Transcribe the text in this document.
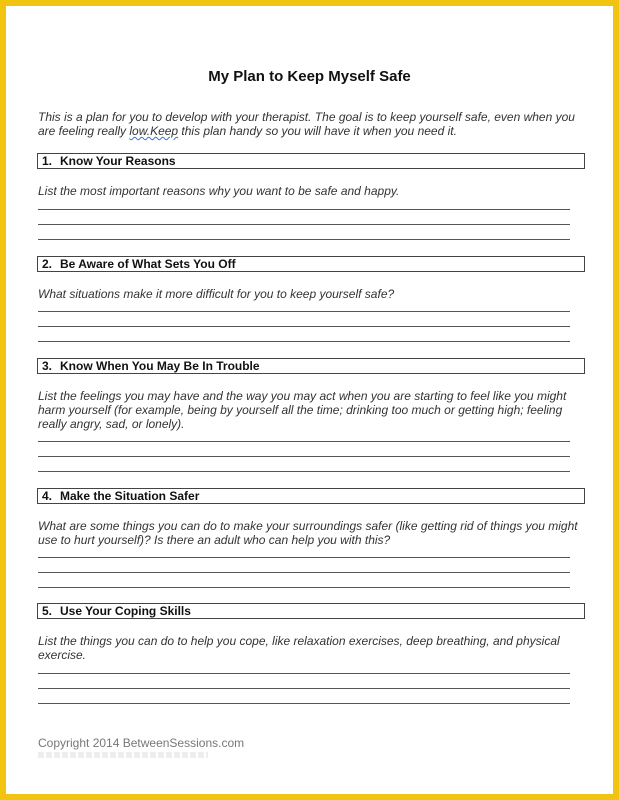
My Plan to Keep Myself Safe
This is a plan for you to develop with your therapist. The goal is to keep yourself safe, even when you are feeling really low.Keep this plan handy so you will have it when you need it.
1. Know Your Reasons
List the most important reasons why you want to be safe and happy.
2. Be Aware of What Sets You Off
What situations make it more difficult for you to keep yourself safe?
3. Know When You May Be In Trouble
List the feelings you may have and the way you may act when you are starting to feel like you might harm yourself (for example, being by yourself all the time; drinking too much or getting high; feeling really angry, sad, or lonely).
4. Make the Situation Safer
What are some things you can do to make your surroundings safer (like getting rid of things you might use to hurt yourself)? Is there an adult who can help you with this?
5. Use Your Coping Skills
List the things you can do to help you cope, like relaxation exercises, deep breathing, and physical exercise.
Copyright 2014 BetweenSessions.com
